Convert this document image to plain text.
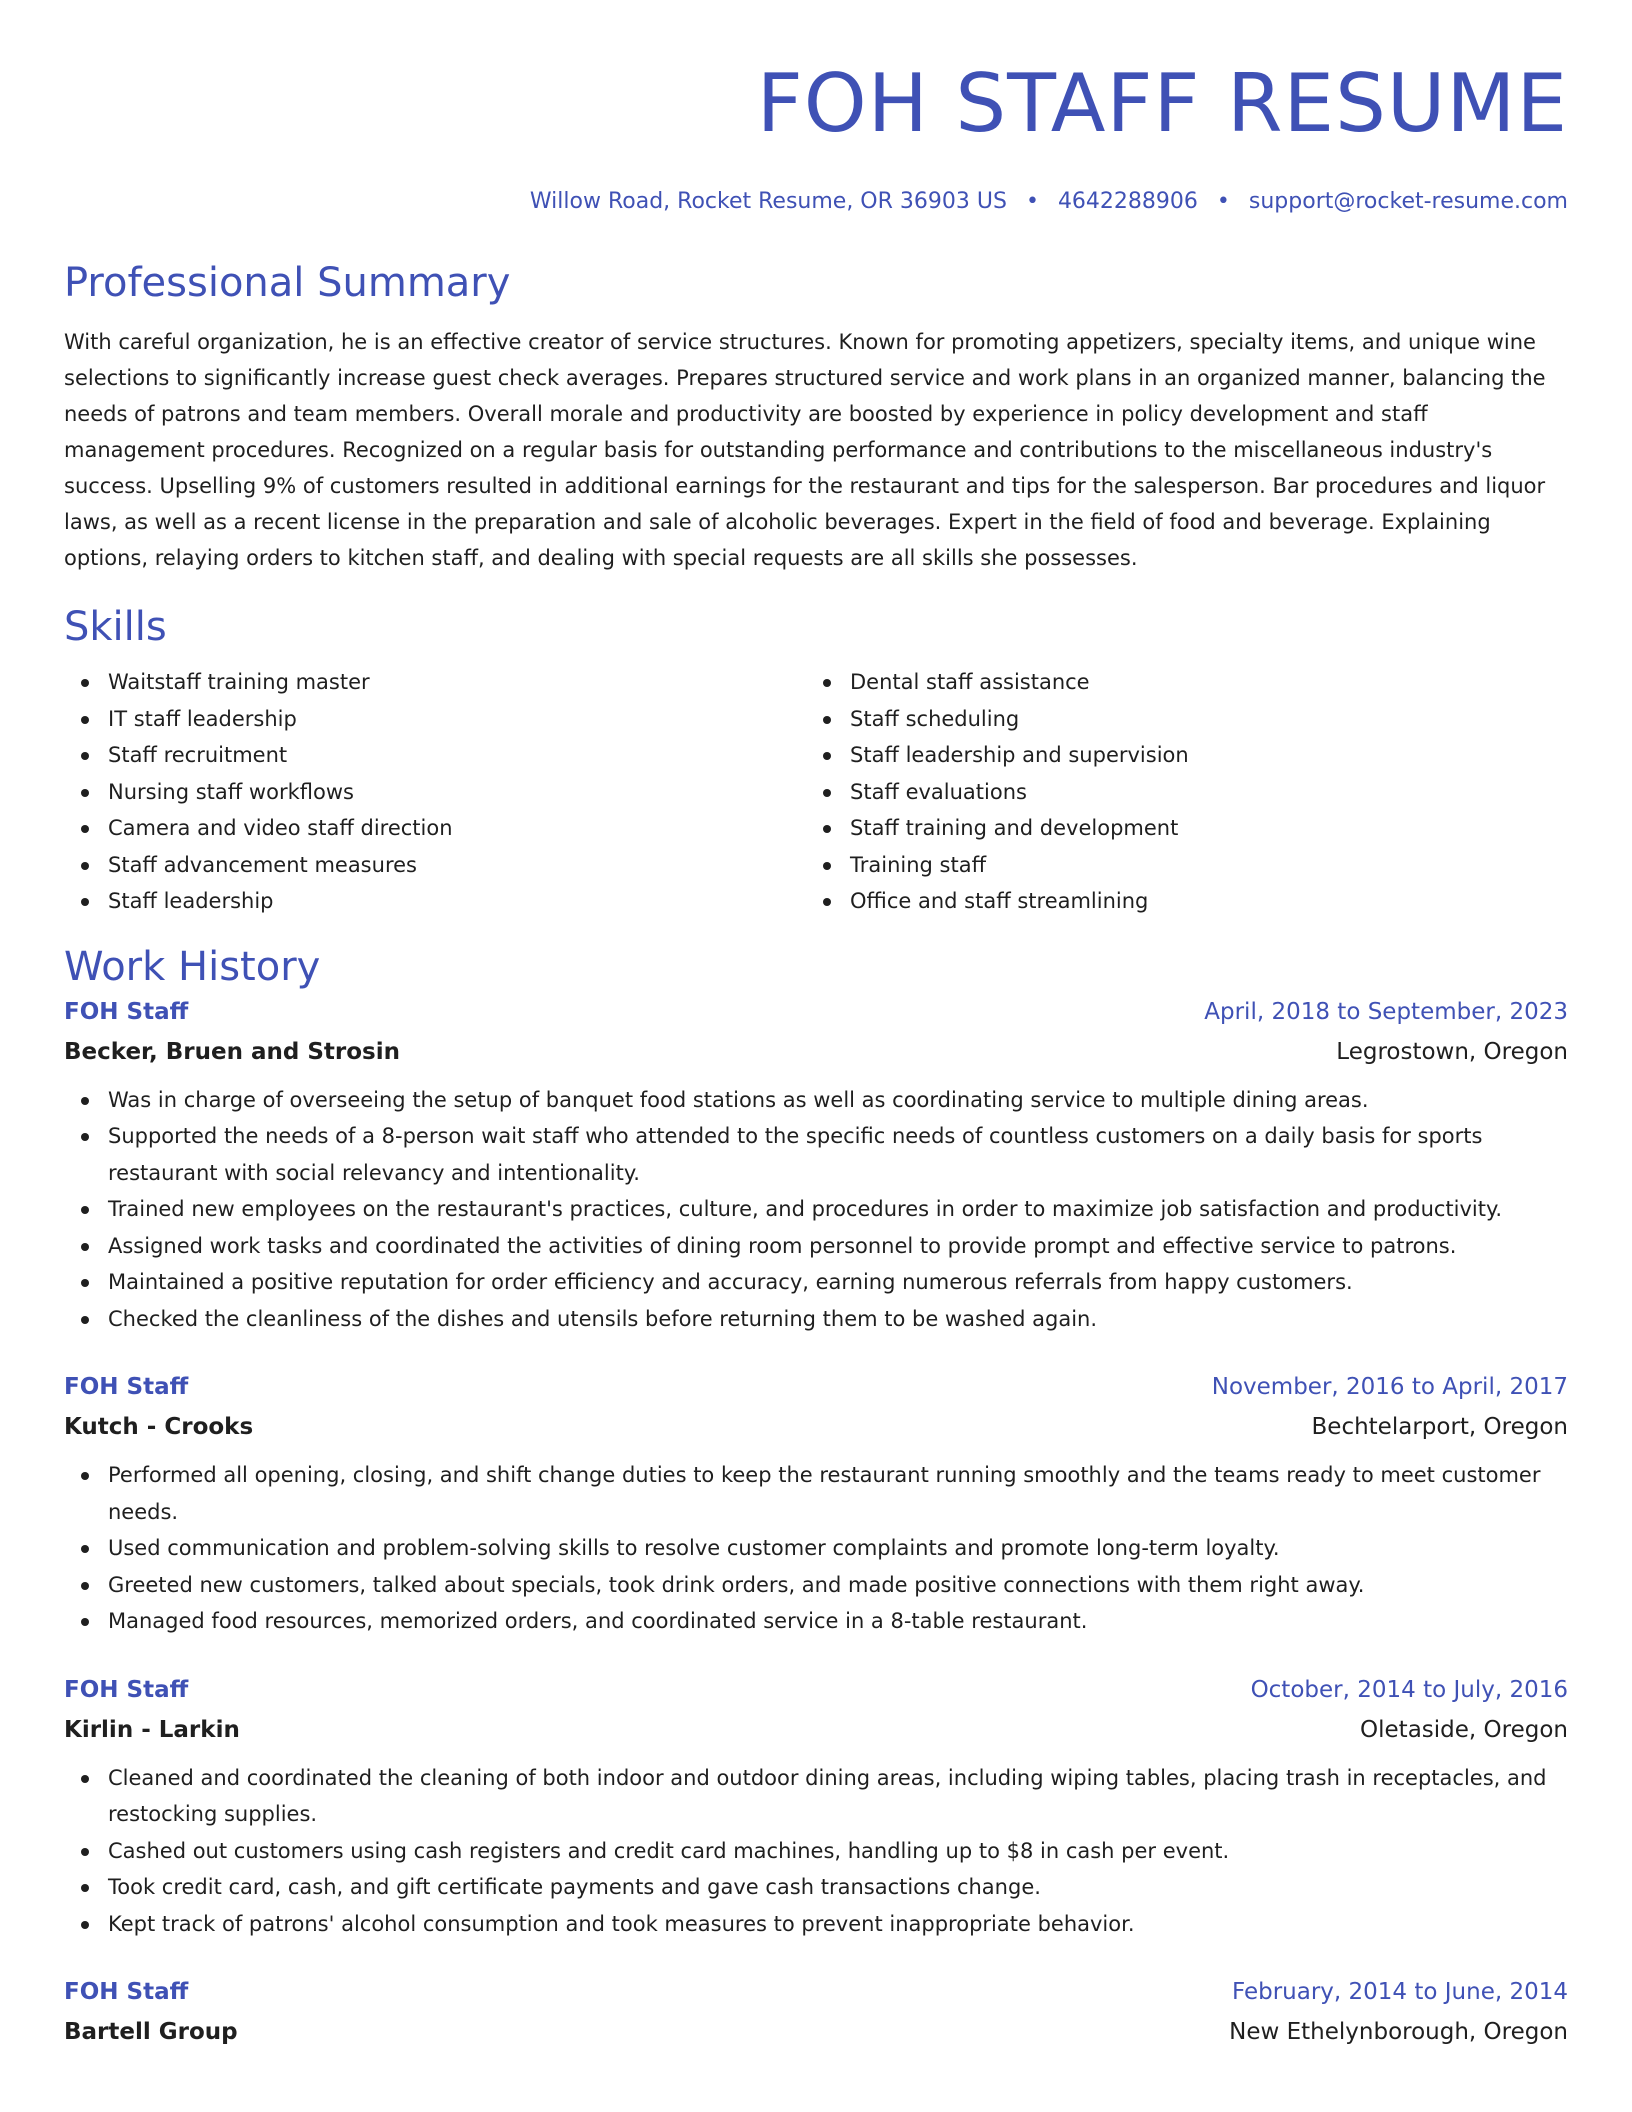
FOH STAFF RESUME
Willow Road, Rocket Resume, OR 36903 US • 4642288906 • support@rocket-resume.com
Professional Summary

With careful organization, he is an effective creator of service structures. Known for promoting appetizers, specialty items, and unique wine selections to significantly increase guest check averages. Prepares structured service and work plans in an organized manner, balancing the needs of patrons and team members. Overall morale and productivity are boosted by experience in policy development and staff management procedures. Recognized on a regular basis for outstanding performance and contributions to the miscellaneous industry's success. Upselling 9% of customers resulted in additional earnings for the restaurant and tips for the salesperson. Bar procedures and liquor laws, as well as a recent license in the preparation and sale of alcoholic beverages. Expert in the field of food and beverage. Explaining options, relaying orders to kitchen staff, and dealing with special requests are all skills she possesses.

Skills
Waitstaff training master
IT staff leadership
Staff recruitment
Nursing staff workflows
Camera and video staff direction
Staff advancement measures
Staff leadership
Dental staff assistance
Staff scheduling
Staff leadership and supervision
Staff evaluations
Staff training and development
Training staff
Office and staff streamlining
Work History
FOH Staff	April, 2018 to September, 2023
Becker, Bruen and Strosin	Legrostown, Oregon
Was in charge of overseeing the setup of banquet food stations as well as coordinating service to multiple dining areas.
Supported the needs of a 8-person wait staff who attended to the specific needs of countless customers on a daily basis for sports restaurant with social relevancy and intentionality.
Trained new employees on the restaurant's practices, culture, and procedures in order to maximize job satisfaction and productivity.
Assigned work tasks and coordinated the activities of dining room personnel to provide prompt and effective service to patrons.
Maintained a positive reputation for order efficiency and accuracy, earning numerous referrals from happy customers.
Checked the cleanliness of the dishes and utensils before returning them to be washed again.
FOH Staff	November, 2016 to April, 2017
Kutch - Crooks	Bechtelarport, Oregon
Performed all opening, closing, and shift change duties to keep the restaurant running smoothly and the teams ready to meet customer needs.
Used communication and problem-solving skills to resolve customer complaints and promote long-term loyalty.
Greeted new customers, talked about specials, took drink orders, and made positive connections with them right away.
Managed food resources, memorized orders, and coordinated service in a 8-table restaurant.
FOH Staff	October, 2014 to July, 2016
Kirlin - Larkin	Oletaside, Oregon
Cleaned and coordinated the cleaning of both indoor and outdoor dining areas, including wiping tables, placing trash in receptacles, and restocking supplies.
Cashed out customers using cash registers and credit card machines, handling up to $8 in cash per event.
Took credit card, cash, and gift certificate payments and gave cash transactions change.
Kept track of patrons' alcohol consumption and took measures to prevent inappropriate behavior.
FOH Staff	February, 2014 to June, 2014
Bartell Group	New Ethelynborough, Oregon
